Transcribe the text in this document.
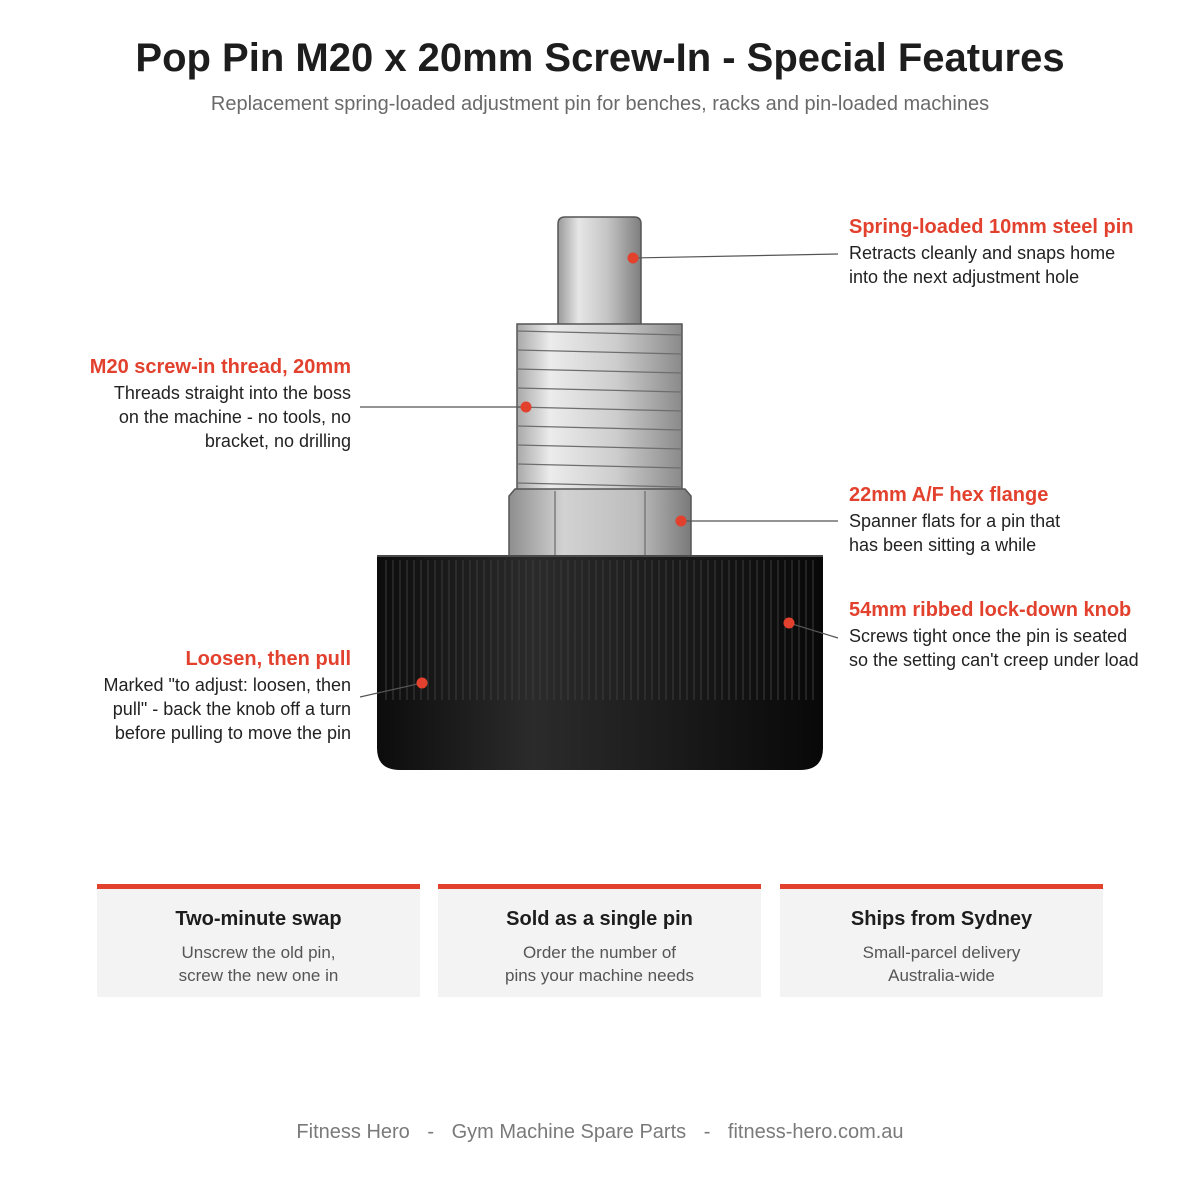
Pop Pin M20 x 20mm Screw-In - Special Features
Replacement spring-loaded adjustment pin for benches, racks and pin-loaded machines
Spring-loaded 10mm steel pin
Retracts cleanly and snaps home
into the next adjustment hole
M20 screw-in thread, 20mm
Threads straight into the boss
on the machine - no tools, no
bracket, no drilling
22mm A/F hex flange
Spanner flats for a pin that
has been sitting a while
54mm ribbed lock-down knob
Screws tight once the pin is seated
so the setting can't creep under load
Loosen, then pull
Marked "to adjust: loosen, then
pull" - back the knob off a turn
before pulling to move the pin
Two-minute swap
Unscrew the old pin,
screw the new one in
Sold as a single pin
Order the number of
pins your machine needs
Ships from Sydney
Small-parcel delivery
Australia-wide
Fitness Hero - Gym Machine Spare Parts - fitness-hero.com.au
